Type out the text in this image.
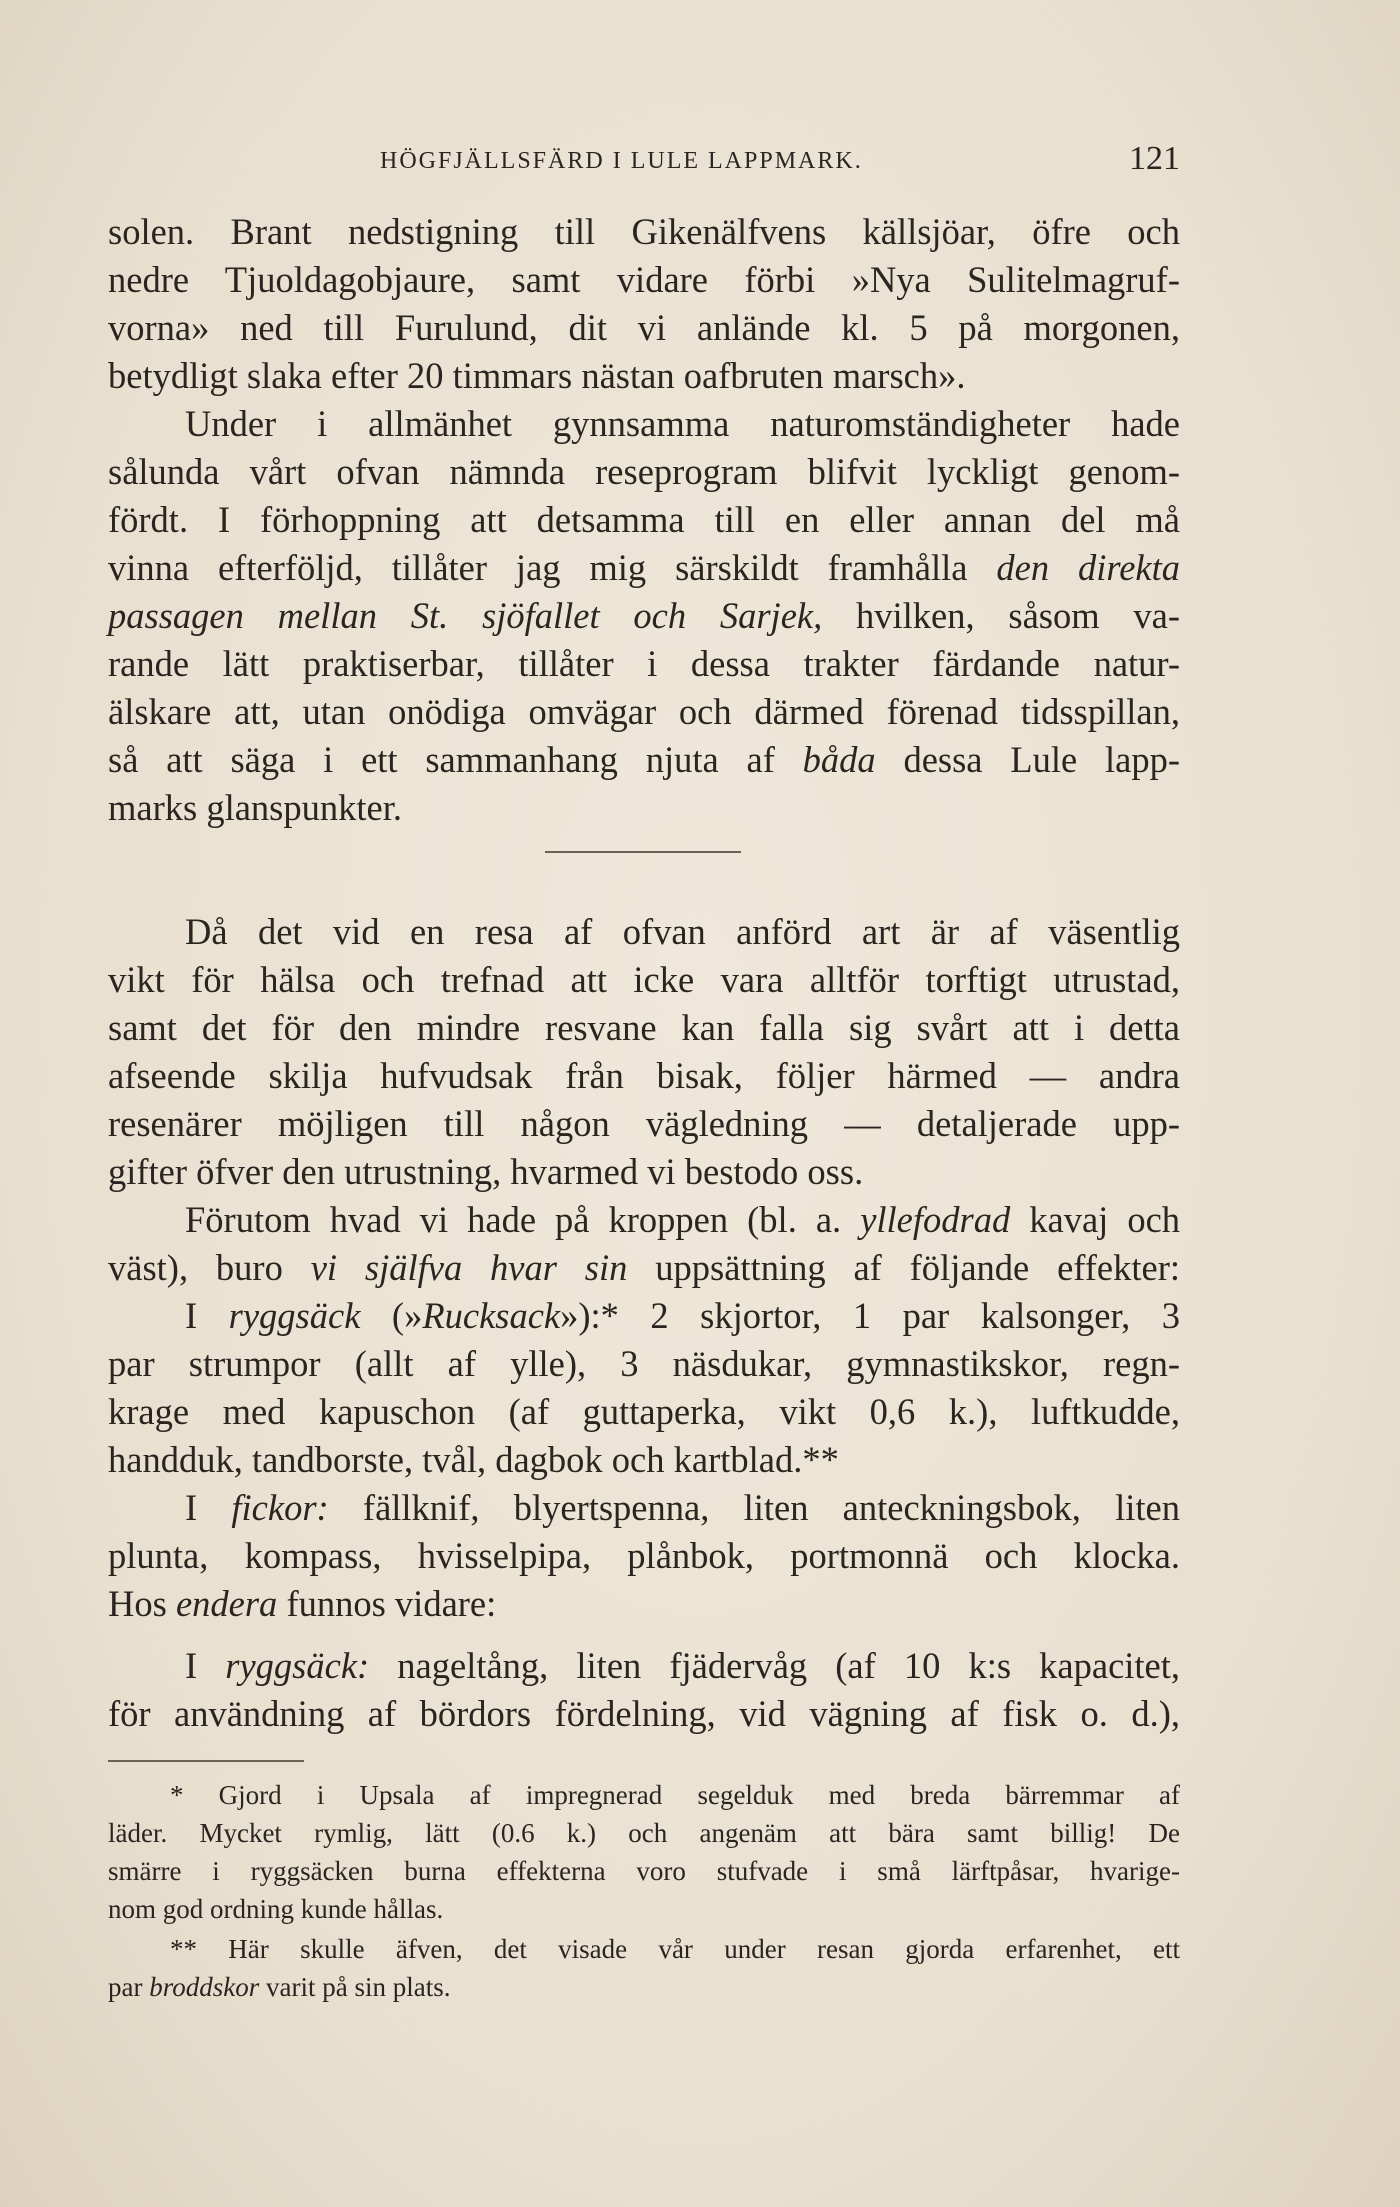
HÖGFJÄLLSFÄRD I LULE LAPPMARK.	121
solen. Brant nedstigning till Gikenälfvens källsjöar, öfre och
nedre Tjuoldagobjaure, samt vidare förbi »Nya Sulitelmagruf-
vorna» ned till Furulund, dit vi anlände kl. 5 på morgonen,
betydligt slaka efter 20 timmars nästan oafbruten marsch».
Under i allmänhet gynnsamma naturomständigheter hade
sålunda vårt ofvan nämnda reseprogram blifvit lyckligt genom-
fördt. I förhoppning att detsamma till en eller annan del må
vinna efterföljd, tillåter jag mig särskildt framhålla den direkta
passagen mellan St. sjöfallet och Sarjek, hvilken, såsom va-
rande lätt praktiserbar, tillåter i dessa trakter färdande natur-
älskare att, utan onödiga omvägar och därmed förenad tidsspillan,
så att säga i ett sammanhang njuta af båda dessa Lule lapp-
marks glanspunkter.
Då det vid en resa af ofvan anförd art är af väsentlig
vikt för hälsa och trefnad att icke vara alltför torftigt utrustad,
samt det för den mindre resvane kan falla sig svårt att i detta
afseende skilja hufvudsak från bisak, följer härmed — andra
resenärer möjligen till någon vägledning — detaljerade upp-
gifter öfver den utrustning, hvarmed vi bestodo oss.
Förutom hvad vi hade på kroppen (bl. a. yllefodrad kavaj och
väst), buro vi själfva hvar sin uppsättning af följande effekter:
I ryggsäck (»Rucksack»):* 2 skjortor, 1 par kalsonger, 3
par strumpor (allt af ylle), 3 näsdukar, gymnastikskor, regn-
krage med kapuschon (af guttaperka, vikt 0,6 k.), luftkudde,
handduk, tandborste, tvål, dagbok och kartblad.**
I fickor: fällknif, blyertspenna, liten anteckningsbok, liten
plunta, kompass, hvisselpipa, plånbok, portmonnä och klocka.
Hos endera funnos vidare:
I ryggsäck: nageltång, liten fjädervåg (af 10 k:s kapacitet,
för användning af bördors fördelning, vid vägning af fisk o. d.),
* Gjord i Upsala af impregnerad segelduk med breda bärremmar af
läder. Mycket rymlig, lätt (0.6 k.) och angenäm att bära samt billig! De
smärre i ryggsäcken burna effekterna voro stufvade i små lärftpåsar, hvarige-
nom god ordning kunde hållas.
** Här skulle äfven, det visade vår under resan gjorda erfarenhet, ett
par broddskor varit på sin plats.
